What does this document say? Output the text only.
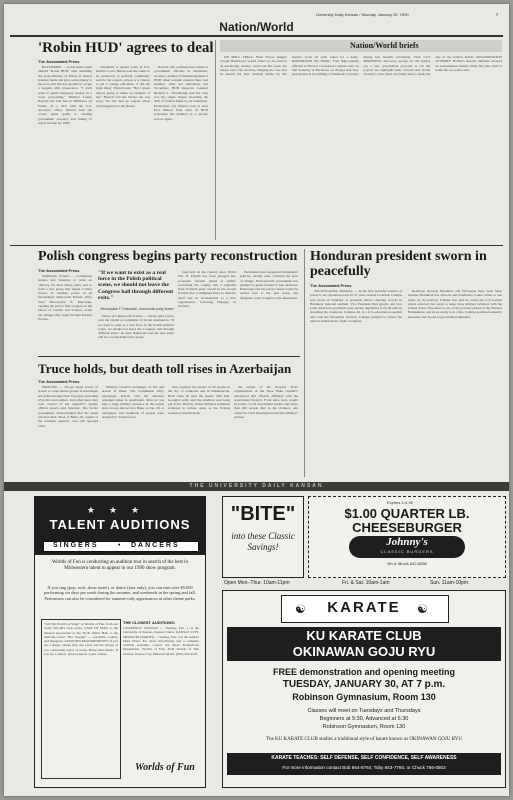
University Daily Kansan / Monday, January 29, 1990	7
Nation/World
'Robin HUD' agrees to deal
The Associated Press

BALTIMORE — A real-estate agent dubbed "Robin HUD" after admitting she stole millions of dollars in federal housing funds and gave some money to the poor said she has decided to accept a bargain with prosecutors. "I don't want to spend taxpayers' money in a court proceeding," Marilyn Louise Harrell told The Sun in Baltimore on Friday. In a deal with the U.S. attorney's office, Harrell said she would plead guilty to stealing government property and failing to report income for 1986.

Scheduled to appear today in U.S. District Court, Harrell said she wants to be sentenced to perform community service but expects prison or a chance to get a college education. "I did the right thing," Harrell said. "But I guess they're going to make an example of me." Harrell told the Senate she was sorry, but she had no regrets about what happened to the money.

Harrell, who confessed her crimes to government officials in December, became a symbol of mismanagement at HUD when scandal erupted there last summer. After her indictment last November, HUD Inspector General Richard L. Thornburgh said the case was the single largest involving the theft of federal funds by an individual. Prosecutors say Harrell took at least $5.5 million from sales of HUD properties she handled as a private escrow agent.

Nation/World briefs

ON SPILL TRIAL: Final Exxon skipper Joseph Hazelwood would rather not be tried in an Anchorage, Alaska, courtroom this week, his lawyer said. The attorney, bringing the case that he should not bear criminal blame for the nation's worst oil spill, asked for a delay. ROMANIANS ON TRIAL: Four high-ranking officials in Nicolae Ceausescu's regime went on trial Saturday in Bucharest on charges that they participated in the killings of hundreds of people during last month's revolution. TAX CUT PROPOSED: Advocacy groups for the elderly say a new government proposal to cut the payroll tax highlights their concern that Social Security's trust funds are being used to mask the size of the federal deficit. ASSASSINATION ATTEMPT: Bolivia's Interior Minister escaped an assassination attempt when five men tried to bomb his car, police said.

Polish congress begins party reconstruction
The Associated Press

WARSAW, Poland — Communist leaders met Saturday to write an obituary for their ruling party and to form a new group that stands a better chance of winning power in an increasingly democratic Poland. Party chief Mieczyslaw F. Rakowski, opening the party's final congress at the Palace of Culture and Science, noted the changes that swept through Eastern Europe.

"If we want to exist as a real force in the Polish political scene, we should not leave the Congress hall through different exits."
Mieczyslaw F. Rakowski, communist party leader

Palace of Culture and Science — whose spire towers over the capital as a reminder of Soviet domination. "If we want to exist as a real force in the Polish political scene, we should not leave the Congress hall through different exits," he said. Rakowski said the new party will be a social-democratic group.

long held on the country since World War II. Poland has been plunged into economic reforms aimed at swiftly converting the country into a capitalist state. Poland's party would be the second Eastern bloc Communist Party to dissolve itself and be reconstituted as a new organization, following Hungary in October.

Parliament have supported Parliament's policies, though some criticized the pace of change. Mazowiecki's government has pledged to guide Poland to free elections. Rakowski said the party's assets would be turned over to the new party, and delegates voted to approve the dissolution.

Honduran president sworn in peacefully
The Associated Press

TEGUCIGALPA, Honduras — In the first peaceful transfer of power to an opposition party in 57 years, Rafael Leonardo Callejas was sworn in Saturday as president before cheering crowds in Honduras' national stadium. Vice President Dan Quayle and four Latin American presidents were among dignitaries from 58 nations attending the ceremony. Callejas, 46, is a U.S.-educated economist who won the November election. Callejas pledged to reduce the nation's deficit and to fight corruption.

Relations between Honduras and Nicaragua have been tense because Honduras has allowed anti-Sandinista Contra rebels to use bases on its territory. Callejas has said he wants the U.S.-backed rebels removed but wants to keep close military relations with the United States. Honduras is one of the poorest nations in the Western Hemisphere, and its economy is in crisis. Callejas promised austerity measures and an end to government subsidies.

Truce holds, but death toll rises in Azerbaijan
The Associated Press

MOSCOW — Troops made scores of arrests to crush armed groups in Azerbaijan and acknowledged that 35 people, including 23 police and soldiers, have died since they took control of the republic's capital, official reports said Saturday. The Soviet government acknowledged that the death toll had risen. Most of Baku, the capital of the southern republic, was still reported calm.

Ministry reported exchanges of fire and arrests in Baku. The Communist Party newspaper Pravda said the situation remained tense in Azerbaijan. Moscow has kept a huge military presence in the region since troops moved into Baku on Jan. 20. A newspaper said hundreds of people were arrested by Soviet forces.

Tass reported the arrests of 40 people in the city of Lenkoran and in Nakhichevan. Both cities lie near the border with Iran. Georgia's army said the rebellion was being put down. Heavily armed militants remained scattered in remote areas as the Soviets worked to disarm them.

the arrests of the People's Front organizations of the three Baku republics announced that officials affiliated with the Azerbaijani People's Front have been sought by police. Local Azerbaijani leaders said more than 200 people died in the violence, and called for a full investigation into the military's actions.

THE UNIVERSITY DAILY KANSAN
★★★
TALENT AUDITIONS
SINGERS	• DANCERS
Worlds of Fun is conducting an audition tour in search of the best in Midwestern talent to appear in our 1990 show program.
If you sing (pop, rock, show tunes), or dance (jazz only), you can earn over $5,000 performing six days per week during the summer, and weekends in the spring and fall. Performers can also be considered for summer-only appearances at other theme parks.
"All The World's A Stage" at Worlds of Fun, from our lively 50's-60's rock revue, STAR OF MAY, to the musical spectacular at the Tivoli Music Hall, to the melt-the-cooler "Hot Steppin" — goodtime country and bluegrass. AUDITION REQUIREMENTS: If you are a singer, please sing one verse and the chorus of two contrasting styles of songs. Bring sheet music. If you are a dancer, please prepare a jazz routine.
THE CLOSEST AUDITIONS:
LAWRENCE, KANSAS — Tuesday, Feb. 1 at the University of Kansas, Kansas Union. KANSAS CITY, MISSOURI (NORTH) — Sunday, Feb. 4 at the Adam's Mark Hotel. For more information and a complete audition schedule, contact the Show Productions Department, Worlds of Fun, 4545 Worlds of Fun Avenue, Kansas City, Missouri 64161, (816) 454-4545.
Worlds of Fun
"BITE"
into these Classic Savings!
Expires 2-4-90
$1.00 QUARTER LB.
CHEESEBURGER
Johnny's
CLASSIC BURGERS
9th & Illinois 842-8058
Open Mon.-Thur. 10am-11pm	Fri. & Sat. 10am-1am	Sun. 11am-10pm
☯	☯
KARATE
KU KARATE CLUB
OKINAWAN GOJU RYU
FREE demonstration and opening meeting
TUESDAY, JANUARY 30, AT 7 p.m.
Robinson Gymnasium, Room 130
Classes will meet on Tuesdays and Thursdays
Beginners at 5:30, Advanced at 6:30
Robinson Gymnasium, Room 130
The KU KARATE CLUB studies a traditional style of karate known as OKINAWAN GOJU RYU
KARATE TEACHES: SELF DEFENSE, SELF CONFIDENCE, SELF AWARENESS
For more information contact Bob 864-5764, Toby 843-7760, or Chuck 766-0503
